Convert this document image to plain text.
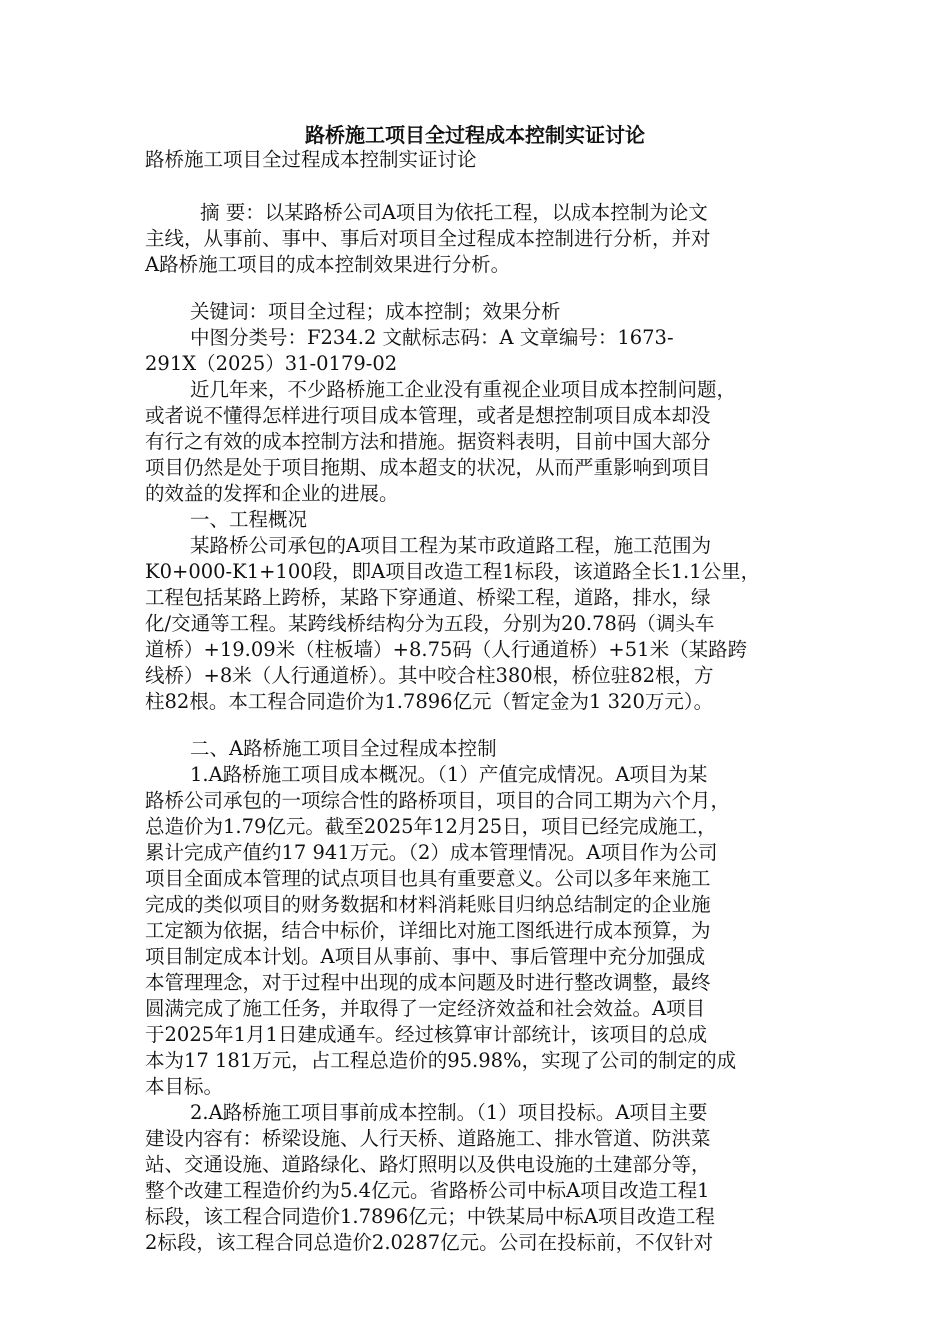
路桥施工项目全过程成本控制实证讨论
路桥施工项目全过程成本控制实证讨论
摘 要：以某路桥公司A项目为依托工程，以成本控制为论文
主线，从事前、事中、事后对项目全过程成本控制进行分析，并对
A路桥施工项目的成本控制效果进行分析。
关键词：项目全过程；成本控制；效果分析
中图分类号：F234.2 文献标志码：A 文章编号：1673-
291X（2025）31-0179-02
近几年来，不少路桥施工企业没有重视企业项目成本控制问题，
或者说不懂得怎样进行项目成本管理，或者是想控制项目成本却没
有行之有效的成本控制方法和措施。据资料表明，目前中国大部分
项目仍然是处于项目拖期、成本超支的状况，从而严重影响到项目
的效益的发挥和企业的进展。
一、工程概况
某路桥公司承包的A项目工程为某市政道路工程，施工范围为
K0+000-K1+100段，即A项目改造工程1标段，该道路全长1.1公里，
工程包括某路上跨桥，某路下穿通道、桥梁工程，道路，排水，绿
化/交通等工程。某跨线桥结构分为五段，分别为20.78码（调头车
道桥）+19.09米（柱板墙）+8.75码（人行通道桥）+51米（某路跨
线桥）+8米（人行通道桥）。其中咬合柱380根，桥位驻82根，方
柱82根。本工程合同造价为1.7896亿元（暂定金为1 320万元）。
二、A路桥施工项目全过程成本控制
1.A路桥施工项目成本概况。（1）产值完成情况。A项目为某
路桥公司承包的一项综合性的路桥项目，项目的合同工期为六个月，
总造价为1.79亿元。截至2025年12月25日，项目已经完成施工，
累计完成产值约17 941万元。（2）成本管理情况。A项目作为公司
项目全面成本管理的试点项目也具有重要意义。公司以多年来施工
完成的类似项目的财务数据和材料消耗账目归纳总结制定的企业施
工定额为依据，结合中标价，详细比对施工图纸进行成本预算，为
项目制定成本计划。A项目从事前、事中、事后管理中充分加强成
本管理理念，对于过程中出现的成本问题及时进行整改调整，最终
圆满完成了施工任务，并取得了一定经济效益和社会效益。A项目
于2025年1月1日建成通车。经过核算审计部统计，该项目的总成
本为17 181万元，占工程总造价的95.98%，实现了公司的制定的成
本目标。
2.A路桥施工项目事前成本控制。（1）项目投标。A项目主要
建设内容有：桥梁设施、人行天桥、道路施工、排水管道、防洪菜
站、交通设施、道路绿化、路灯照明以及供电设施的土建部分等，
整个改建工程造价约为5.4亿元。省路桥公司中标A项目改造工程1
标段，该工程合同造价1.7896亿元；中铁某局中标A项目改造工程
2标段，该工程合同总造价2.0287亿元。公司在投标前，不仅针对
